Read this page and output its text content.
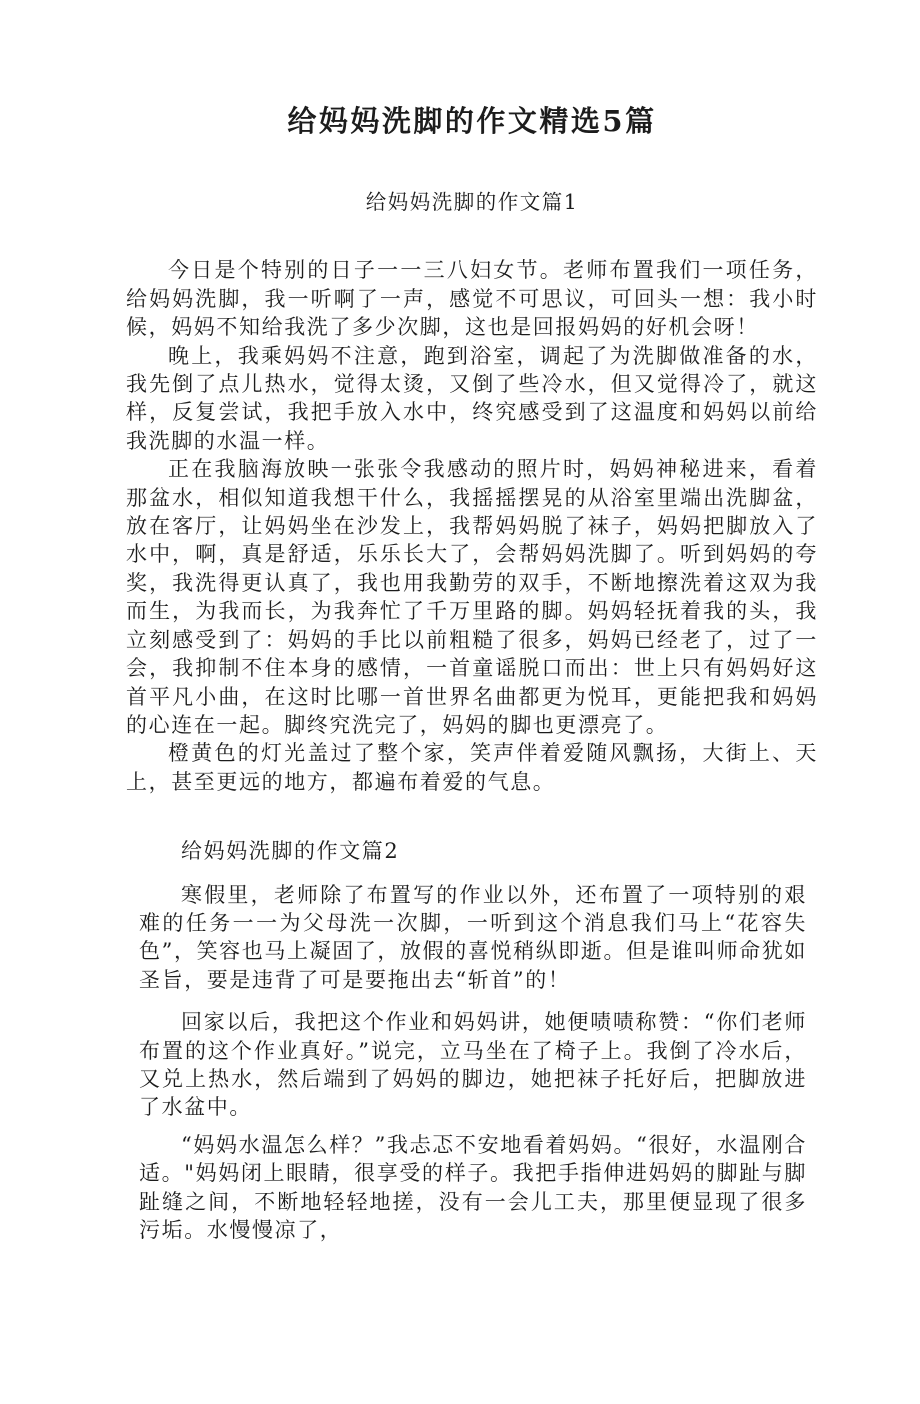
给妈妈洗脚的作文精选5篇
给妈妈洗脚的作文篇1

今日是个特别的日子一一三八妇女节。老师布置我们一项任务，给妈妈洗脚，我一听啊了一声，感觉不可思议，可回头一想：我小时候，妈妈不知给我洗了多少次脚，这也是回报妈妈的好机会呀！

晚上，我乘妈妈不注意，跑到浴室，调起了为洗脚做准备的水，我先倒了点儿热水，觉得太烫，又倒了些冷水，但又觉得冷了，就这样，反复尝试，我把手放入水中，终究感受到了这温度和妈妈以前给我洗脚的水温一样。

正在我脑海放映一张张令我感动的照片时，妈妈神秘进来，看着那盆水，相似知道我想干什么，我摇摇摆晃的从浴室里端出洗脚盆，放在客厅，让妈妈坐在沙发上，我帮妈妈脱了袜子，妈妈把脚放入了水中，啊，真是舒适，乐乐长大了，会帮妈妈洗脚了。听到妈妈的夸奖，我洗得更认真了，我也用我勤劳的双手，不断地擦洗着这双为我而生，为我而长，为我奔忙了千万里路的脚。妈妈轻抚着我的头，我立刻感受到了：妈妈的手比以前粗糙了很多，妈妈已经老了，过了一会，我抑制不住本身的感情，一首童谣脱口而出：世上只有妈妈好这首平凡小曲，在这时比哪一首世界名曲都更为悦耳，更能把我和妈妈的心连在一起。脚终究洗完了，妈妈的脚也更漂亮了。

橙黄色的灯光盖过了整个家，笑声伴着爱随风飘扬，大街上、天上，甚至更远的地方，都遍布着爱的气息。

给妈妈洗脚的作文篇2

寒假里，老师除了布置写的作业以外，还布置了一项特别的艰难的任务一一为父母洗一次脚，一听到这个消息我们马上“花容失色”，笑容也马上凝固了，放假的喜悦稍纵即逝。但是谁叫师命犹如圣旨，要是违背了可是要拖出去“斩首”的！

回家以后，我把这个作业和妈妈讲，她便啧啧称赞：“你们老师布置的这个作业真好。”说完，立马坐在了椅子上。我倒了冷水后，又兑上热水，然后端到了妈妈的脚边，她把袜子托好后，把脚放进了水盆中。

“妈妈水温怎么样？”我忐忑不安地看着妈妈。“很好，水温刚合适。"妈妈闭上眼睛，很享受的样子。我把手指伸进妈妈的脚趾与脚趾缝之间，不断地轻轻地搓，没有一会儿工夫，那里便显现了很多污垢。水慢慢凉了，
